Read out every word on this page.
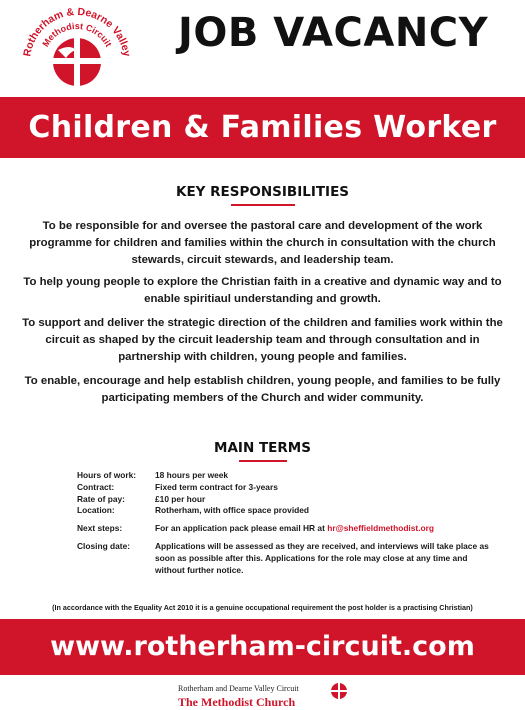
Rotherham & Dearne Valley
Methodist Circuit JOB VACANCY
Children & Families Worker
KEY RESPONSIBILITIES

To be responsible for and oversee the pastoral care and development of the work programme for children and families within the church in consultation with the church stewards, circuit stewards, and leadership team.

To help young people to explore the Christian faith in a creative and dynamic way and to enable spiritiaul understanding and growth.

To support and deliver the strategic direction of the children and families work within the circuit as shaped by the circuit leadership team and through consultation and in partnership with children, young people and families.

To enable, encourage and help establish children, young people, and families to be fully participating members of the Church and wider community.

MAIN TERMS
Hours of work:	18 hours per week
Contract:	Fixed term contract for 3-years
Rate of pay:	£10 per hour
Location:	Rotherham, with office space provided
Next steps:	For an application pack please email HR at hr@sheffieldmethodist.org
Closing date:	Applications will be assessed as they are received, and interviews will take place as soon as possible after this. Applications for the role may close at any time and without further notice.
(In accordance with the Equality Act 2010 it is a genuine occupational requirement the post holder is a practising Christian)
www.rotherham-circuit.com
Rotherham and Dearne Valley Circuit
The Methodist Church
